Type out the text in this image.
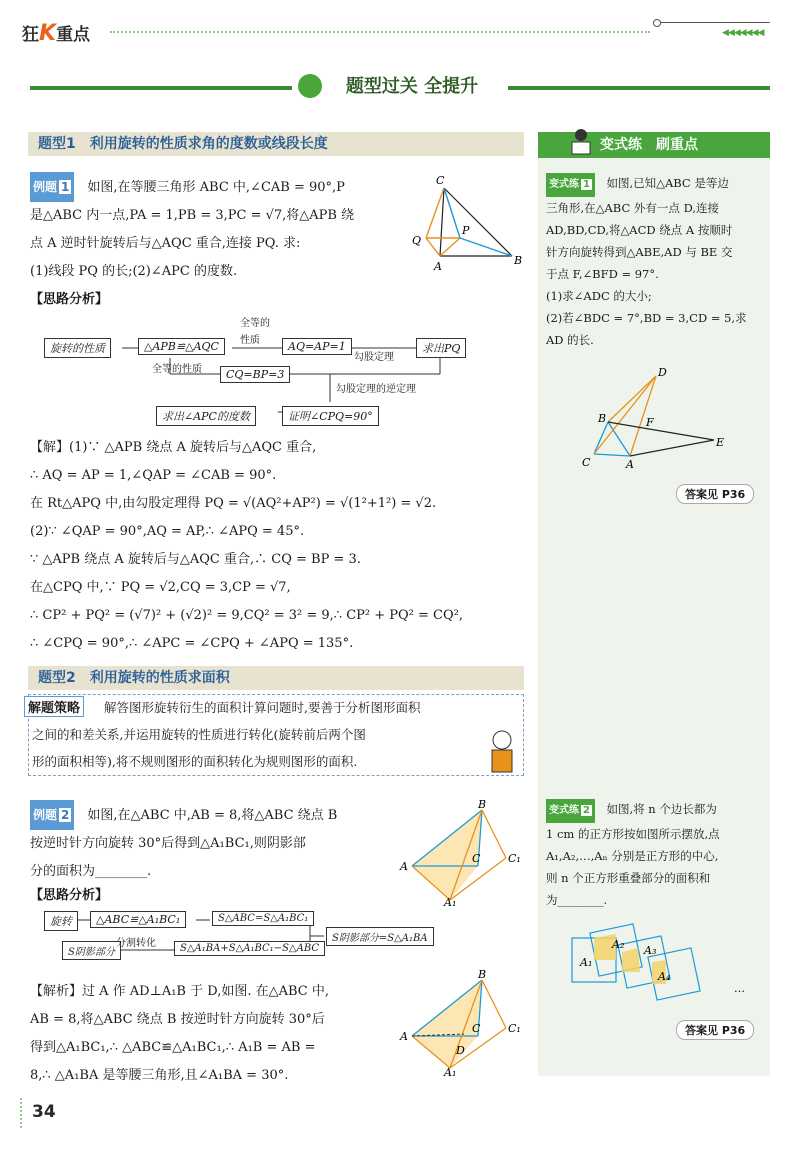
狂K重点	◀◀◀◀◀◀◀
题型过关 全提升
题型1　利用旋转的性质求角的度数或线段长度	变式练　刷重点
例题 1　 如图,在等腰三角形 ABC 中,∠CAB = 90°,P
是△ABC 内一点,PA = 1,PB = 3,PC = √7,将△APB 绕
点 A 逆时针旋转后与△AQC 重合,连接 PQ. 求:
(1)线段 PQ 的长;(2)∠APC 的度数.
【思路分析】
C
Q
P
A	B
旋转的性质	△APB≌△AQC	AQ=AP=1	求出PQ
CQ=BP=3
证明∠CPQ=90°
求出∠APC的度数
全等的
性质
勾股定理
全等的性质
勾股定理的逆定理
【解】(1)∵ △APB 绕点 A 旋转后与△AQC 重合,
∴ AQ = AP = 1,∠QAP = ∠CAB = 90°.
在 Rt△APQ 中,由勾股定理得 PQ = √(AQ²+AP²) = √(1²+1²) = √2.
(2)∵ ∠QAP = 90°,AQ = AP,∴ ∠APQ = 45°.
∵ △APB 绕点 A 旋转后与△AQC 重合,∴ CQ = BP = 3.
在△CPQ 中,∵ PQ = √2,CQ = 3,CP = √7,
∴ CP² + PQ² = (√7)² + (√2)² = 9,CQ² = 3² = 9,∴ CP² + PQ² = CQ²,
∴ ∠CPQ = 90°,∴ ∠APC = ∠CPQ + ∠APQ = 135°.
变式练 1　 如图,已知△ABC 是等边
三角形,在△ABC 外有一点 D,连接
AD,BD,CD,将△ACD 绕点 A 按顺时
针方向旋转得到△ABE,AD 与 BE 交
于点 F,∠BFD = 97°.
(1)求∠ADC 的大小;
(2)若∠BDC = 7°,BD = 3,CD = 5,求
AD 的长.
D
B	F
E
C	A
答案见 P36
题型2　利用旋转的性质求面积
解题策略	解答图形旋转衍生的面积计算问题时,要善于分析图形面积
之间的和差关系,并运用旋转的性质进行转化(旋转前后两个图
形的面积相等),将不规则图形的面积转化为规则图形的面积.
例题 2　 如图,在△ABC 中,AB = 8,将△ABC 绕点 B
按逆时针方向旋转 30°后得到△A₁BC₁,则阴影部
分的面积为________.
【思路分析】
B
A
C	C₁
A₁
旋转	△ABC≌△A₁BC₁	S△ABC=S△A₁BC₁
S阴影部分	S△A₁BA+S△A₁BC₁−S△ABC
S阴影部分=S△A₁BA
分割转化
【解析】过 A 作 AD⊥A₁B 于 D,如图. 在△ABC 中,
AB = 8,将△ABC 绕点 B 按逆时针方向旋转 30°后
得到△A₁BC₁,∴ △ABC≌△A₁BC₁,∴ A₁B = AB =
8,∴ △A₁BA 是等腰三角形,且∠A₁BA = 30°.
B
A
C	C₁
D
A₁
变式练 2　 如图,将 n 个边长都为
1 cm 的正方形按如图所示摆放,点
A₁,A₂,…,Aₙ 分别是正方形的中心,
则 n 个正方形重叠部分的面积和
为________.
A₁
A₂ A₃
A₄
…
答案见 P36
34
